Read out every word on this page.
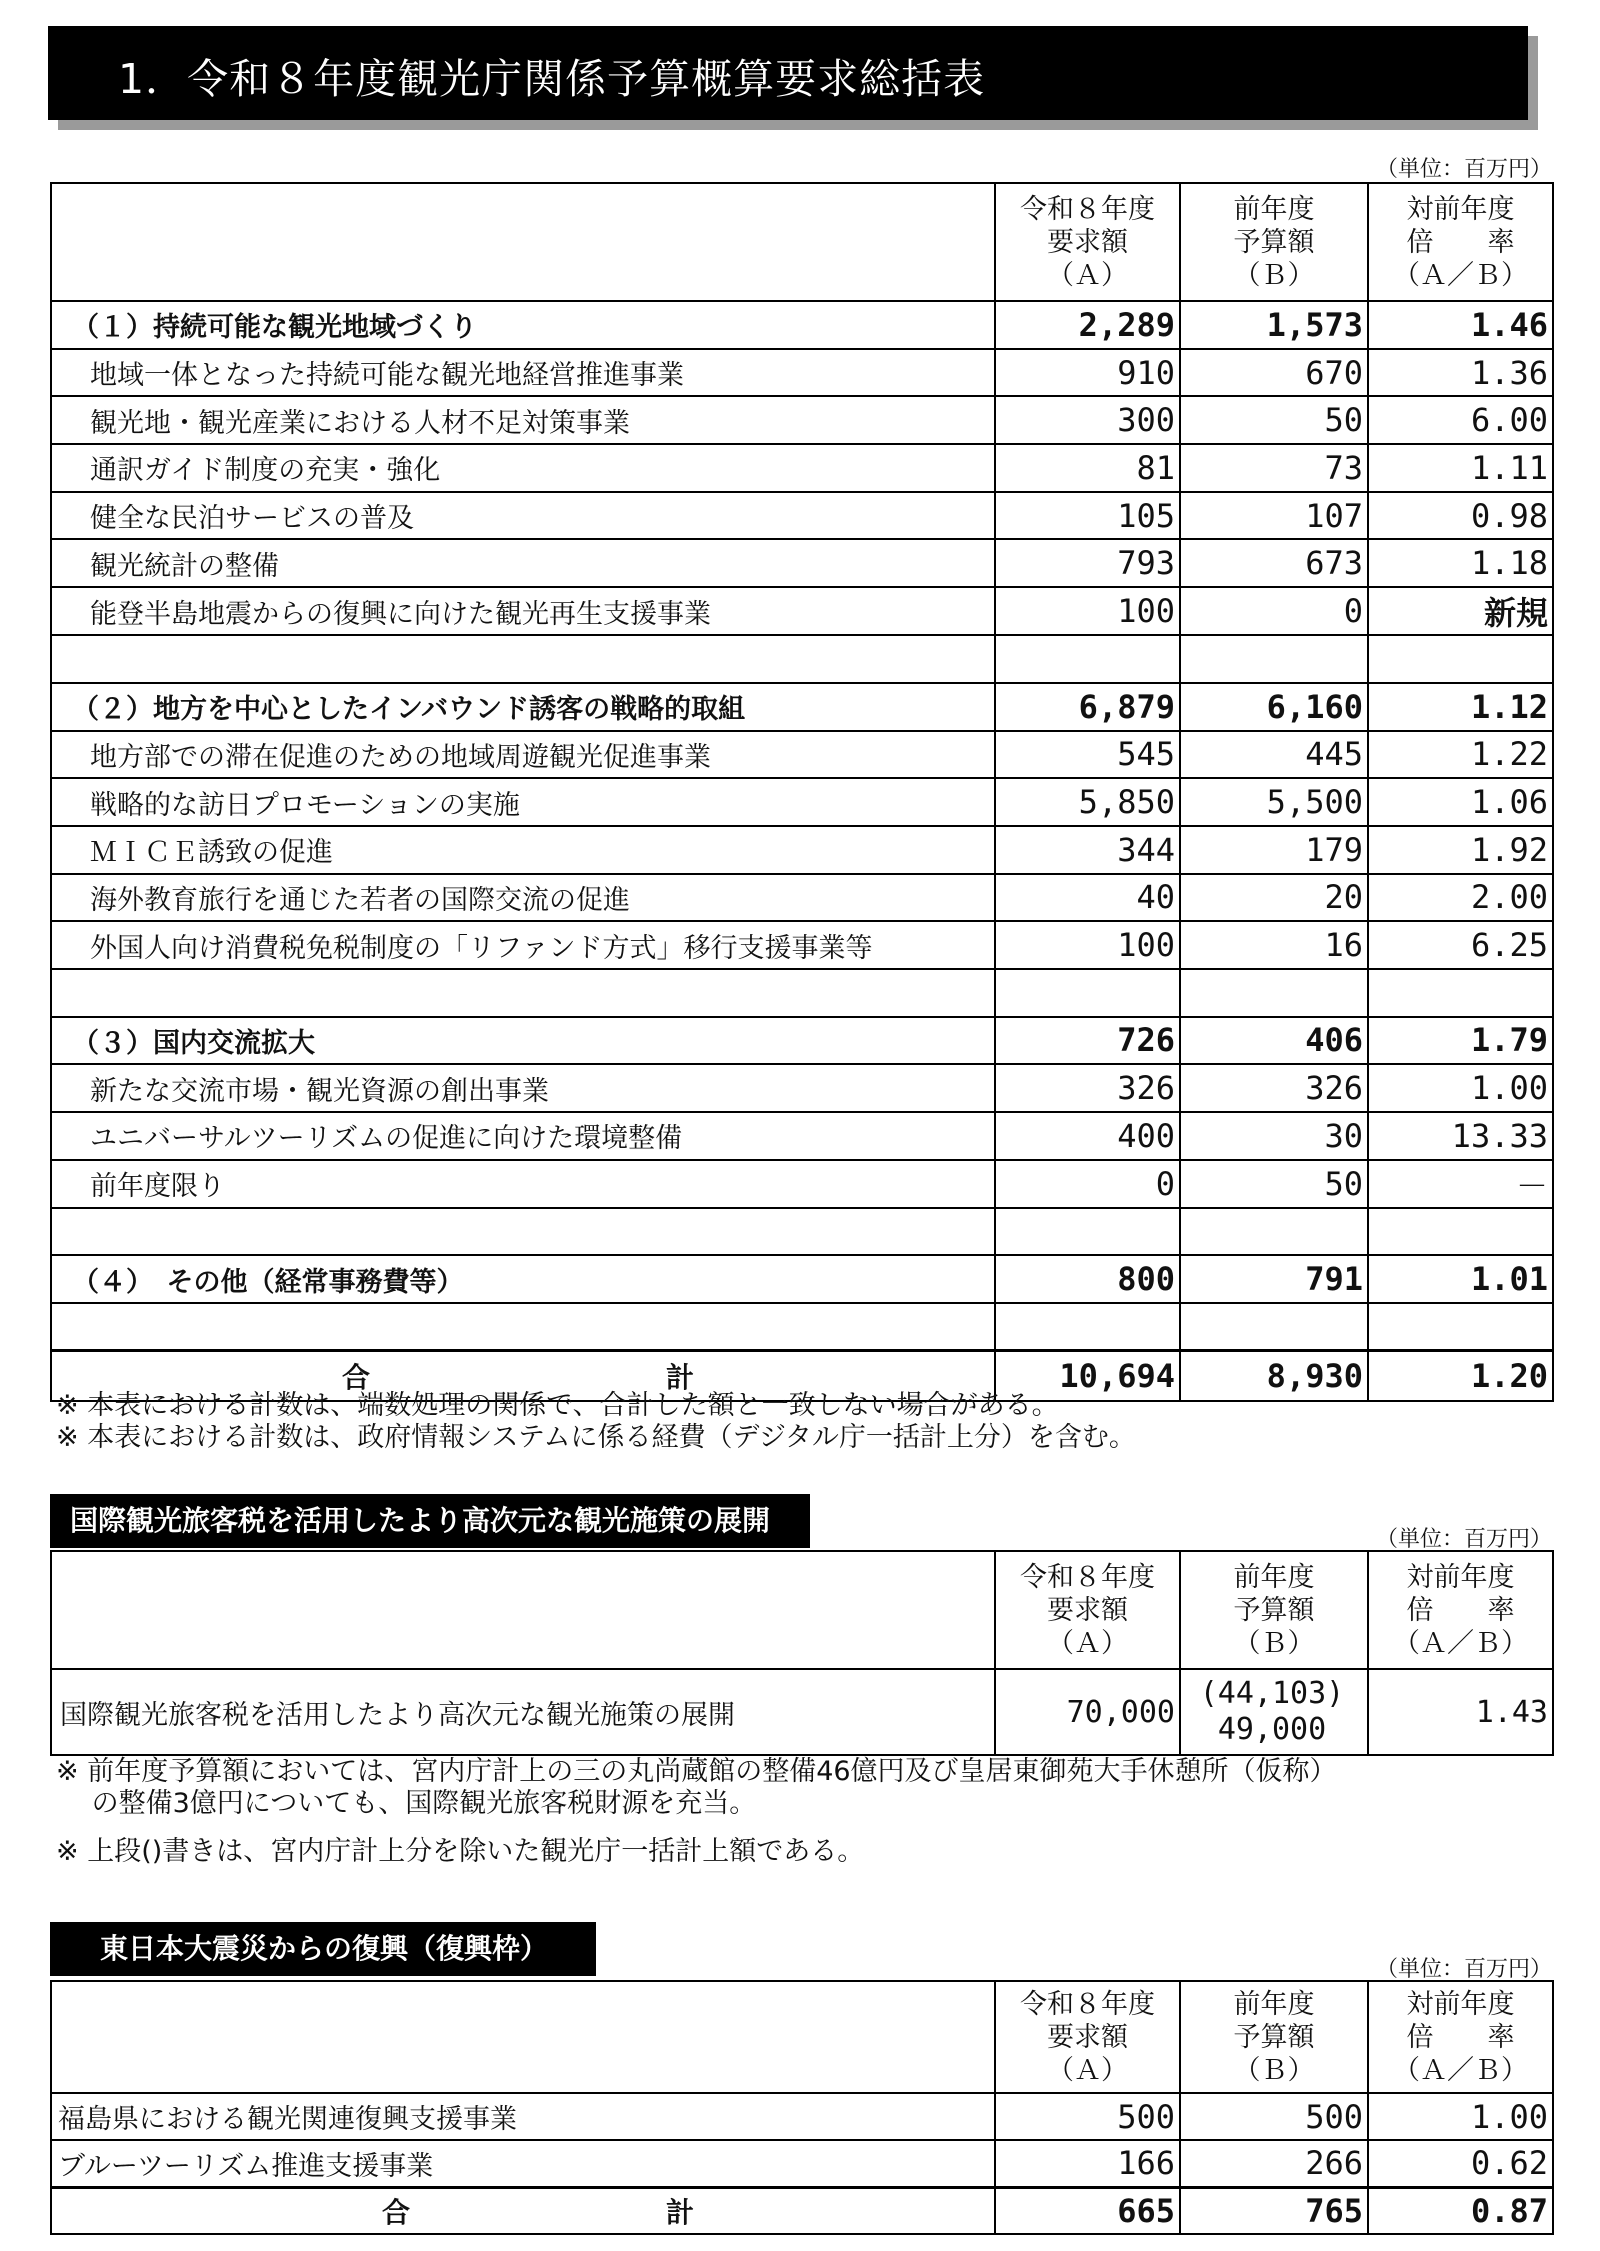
1．令和８年度観光庁関係予算概算要求総括表
（単位：百万円）

	令和８年度
要求額
（Ａ）	前年度
予算額
（Ｂ）	対前年度
倍　　率
（Ａ／Ｂ）

（１）持続可能な観光地域づくり	2,289	1,573	1.46
地域一体となった持続可能な観光地経営推進事業	910	670	1.36
観光地・観光産業における人材不足対策事業	300	50	6.00
通訳ガイド制度の充実・強化	81	73	1.11
健全な民泊サービスの普及	105	107	0.98
観光統計の整備	793	673	1.18
能登半島地震からの復興に向けた観光再生支援事業	100	0	新規

（２）地方を中心としたインバウンド誘客の戦略的取組	6,879	6,160	1.12
地方部での滞在促進のための地域周遊観光促進事業	545	445	1.22
戦略的な訪日プロモーションの実施	5,850	5,500	1.06
ＭＩＣＥ誘致の促進	344	179	1.92
海外教育旅行を通じた若者の国際交流の促進	40	20	2.00
外国人向け消費税免税制度の「リファンド方式」移行支援事業等	100	16	6.25

（３）国内交流拡大	726	406	1.79
新たな交流市場・観光資源の創出事業	326	326	1.00
ユニバーサルツーリズムの促進に向けた環境整備	400	30	13.33
前年度限り	0	50	－

（４）　その他（経常事務費等）	800	791	1.01

合 計	10,694	8,930	1.20
※ 本表における計数は、端数処理の関係で、合計した額と一致しない場合がある。
※ 本表における計数は、政府情報システムに係る経費（デジタル庁一括計上分）を含む。
国際観光旅客税を活用したより高次元な観光施策の展開
（単位：百万円）

	令和８年度
要求額
（Ａ）	前年度
予算額
（Ｂ）	対前年度
倍　　率
（Ａ／Ｂ）

国際観光旅客税を活用したより高次元な観光施策の展開	70,000	(44,103)
49,000	1.43
※ 前年度予算額においては、宮内庁計上の三の丸尚蔵館の整備46億円及び皇居東御苑大手休憩所（仮称）
　 の整備3億円についても、国際観光旅客税財源を充当。
※ 上段()書きは、宮内庁計上分を除いた観光庁一括計上額である。
東日本大震災からの復興（復興枠）
（単位：百万円）

	令和８年度
要求額
（Ａ）	前年度
予算額
（Ｂ）	対前年度
倍　　率
（Ａ／Ｂ）

福島県における観光関連復興支援事業	500	500	1.00
ブルーツーリズム推進支援事業	166	266	0.62

合 計	665	765	0.87
